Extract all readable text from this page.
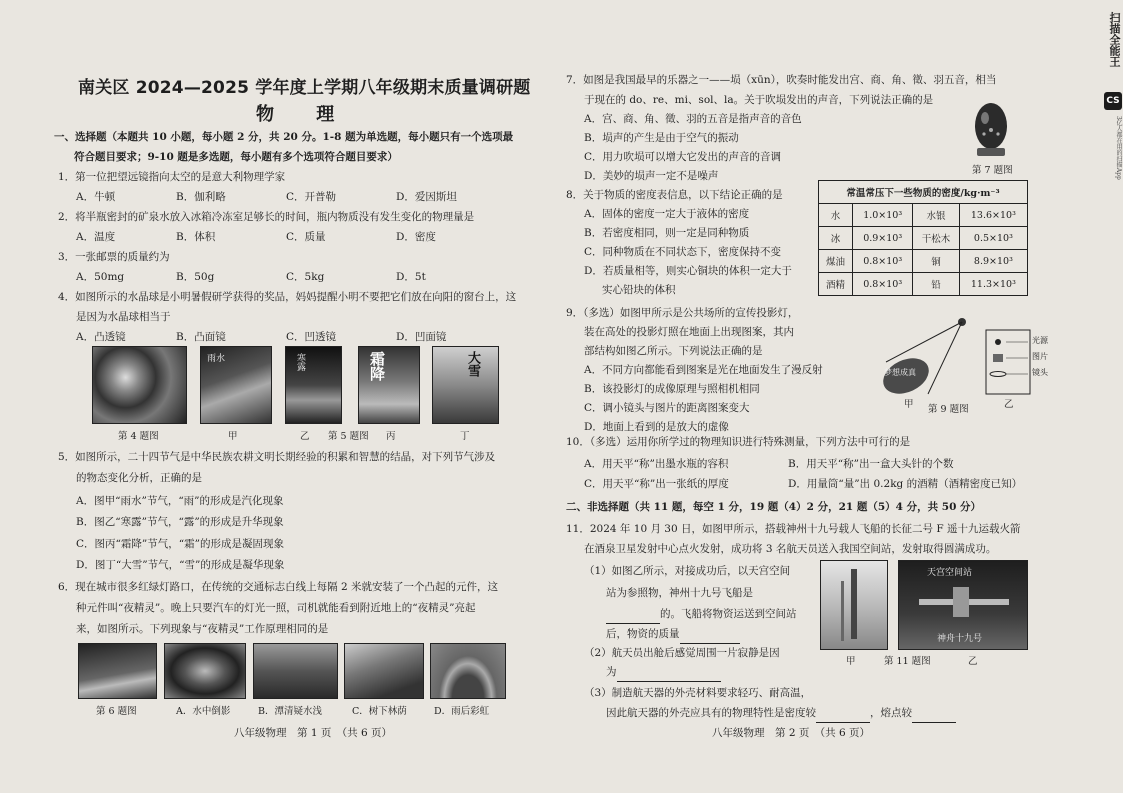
南关区 2024—2025 学年度上学期八年级期末质量调研题
物 理
一、选择题（本题共 10 小题，每小题 2 分，共 20 分。1-8 题为单选题，每小题只有一个选项最
符合题目要求；9-10 题是多选题，每小题有多个选项符合题目要求）
1．第一位把望远镜指向太空的是意大利物理学家
A．牛顿	B．伽利略	C．开普勒	D．爱因斯坦
2．将半瓶密封的矿泉水放入冰箱冷冻室足够长的时间，瓶内物质没有发生变化的物理量是
A．温度	B．体积	C．质量	D．密度
3．一张邮票的质量约为
A．50mg	B．50g	C．5kg	D．5t
4．如图所示的水晶球是小明暑假研学获得的奖品，妈妈提醒小明不要把它们放在向阳的窗台上，这
是因为水晶球相当于
A．凸透镜	B．凸面镜	C．凹透镜	D．凹面镜
雨水	寒露	霜降	大雪
第 4 题图	甲	乙 第 5 题图 丙	丁
5．如图所示，二十四节气是中华民族农耕文明长期经验的积累和智慧的结晶，对下列节气涉及
的物态变化分析，正确的是
A．图甲“雨水”节气，“雨”的形成是汽化现象
B．图乙“寒露”节气，“露”的形成是升华现象
C．图丙“霜降”节气，“霜”的形成是凝固现象
D．图丁“大雪”节气，“雪”的形成是凝华现象
6．现在城市很多红绿灯路口，在传统的交通标志白线上每隔 2 米就安装了一个凸起的元件，这
种元件叫“夜精灵”。晚上只要汽车的灯光一照，司机就能看到附近地上的“夜精灵”亮起
来，如图所示。下列现象与“夜精灵”工作原理相同的是
第 6 题图	A．水中倒影	B．潭清疑水浅	C．树下林荫	D．雨后彩虹
八年级物理　第 1 页　（共 6 页）
7．如图是我国最早的乐器之一——埙（xūn），吹奏时能发出宫、商、角、徵、羽五音，相当
于现在的 do、re、mi、sol、la。关于吹埙发出的声音，下列说法正确的是
A．宫、商、角、徵、羽的五音是指声音的音色
B．埙声的产生是由于空气的振动
C．用力吹埙可以增大它发出的声音的音调
D．美妙的埙声一定不是噪声	第 7 题图
8．关于物质的密度表信息，以下结论正确的是
A．固体的密度一定大于液体的密度
B．若密度相同，则一定是同种物质
C．同种物质在不同状态下，密度保持不变
D．若质量相等，则实心铜块的体积一定大于
实心铅块的体积
常温常压下一些物质的密度/kg·m⁻³			
水	1.0×10³	水银	13.6×10³
冰	0.9×10³	干松木	0.5×10³
煤油	0.8×10³	铜	8.9×10³
酒精	0.8×10³	铅	11.3×10³
9．（多选）如图甲所示是公共场所的宣传投影灯，
装在高处的投影灯照在地面上出现图案，其内
部结构如图乙所示。下列说法正确的是
A．不同方向都能看到图案是光在地面发生了漫反射
B．该投影灯的成像原理与照相机相同
C．调小镜头与图片的距离图案变大
D．地面上看到的是放大的虚像
梦想成真
光源
图片
镜头
甲 第 9 题图	乙
10．（多选）运用你所学过的物理知识进行特殊测量，下列方法中可行的是
A．用天平“称”出墨水瓶的容积	B．用天平“称”出一盒大头针的个数
C．用天平“称”出一张纸的厚度	D．用量筒“量”出 0.2kg 的酒精（酒精密度已知）
二、非选择题（共 11 题，每空 1 分，19 题（4）2 分，21 题（5）4 分，共 50 分）
11．2024 年 10 月 30 日，如图甲所示，搭载神州十九号载人飞船的长征二号 F 遥十九运载火箭
在酒泉卫星发射中心点火发射，成功将 3 名航天员送入我国空间站，发射取得圆满成功。
（1）如图乙所示，对接成功后，以天宫空间
站为参照物，神州十九号飞船是
的。飞船将物资运送到空间站
后，物资的质量
（2）航天员出舱后感觉周围一片寂静是因
为
（3）制造航天器的外壳材料要求轻巧、耐高温，
因此航天器的外壳应具有的物理特性是密度较	，熔点较
天宫空间站
神舟十九号
甲	第 11 题图	乙
八年级物理　第 2 页　（共 6 页）
CS
扫描全能王
3亿人都在用的扫描App
